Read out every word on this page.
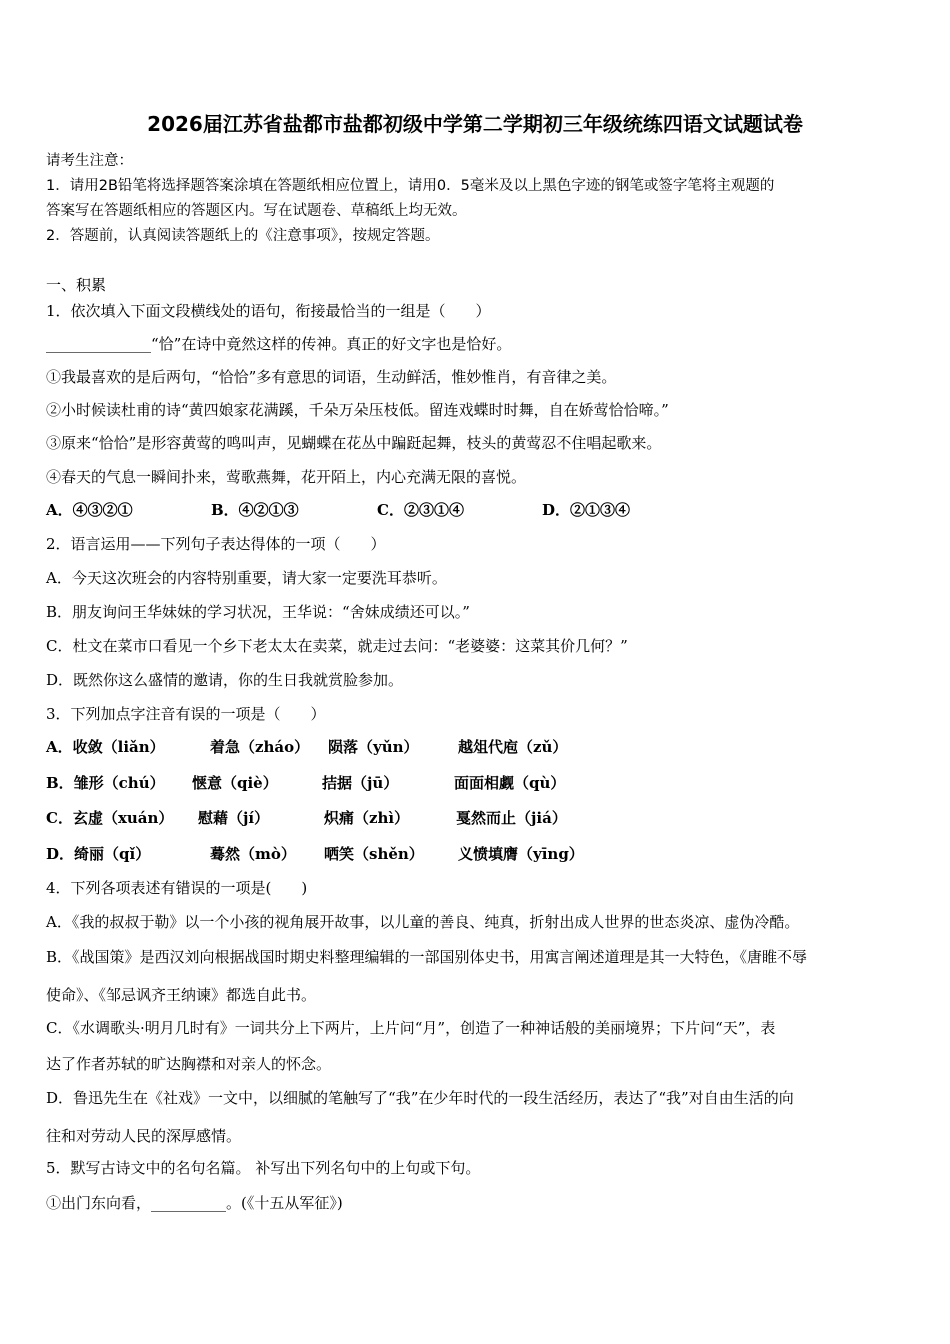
2026届江苏省盐都市盐都初级中学第二学期初三年级统练四语文试题试卷
请考生注意：
1．请用2B铅笔将选择题答案涂填在答题纸相应位置上，请用0．5毫米及以上黑色字迹的钢笔或签字笔将主观题的
答案写在答题纸相应的答题区内。写在试题卷、草稿纸上均无效。
2．答题前，认真阅读答题纸上的《注意事项》，按规定答题。
一、积累
1．依次填入下面文段横线处的语句，衔接最恰当的一组是（　　）
______________“恰”在诗中竟然这样的传神。真正的好文字也是恰好。
①我最喜欢的是后两句，“恰恰”多有意思的词语，生动鲜活，惟妙惟肖，有音律之美。
②小时候读杜甫的诗“黄四娘家花满蹊，千朵万朵压枝低。留连戏蝶时时舞，自在娇莺恰恰啼。”
③原来“恰恰”是形容黄莺的鸣叫声，见蝴蝶在花丛中蹁跹起舞，枝头的黄莺忍不住唱起歌来。
④春天的气息一瞬间扑来，莺歌燕舞，花开陌上，内心充满无限的喜悦。
A．④③②①	B．④②①③	C．②③①④	D．②①③④
2．语言运用——下列句子表达得体的一项（　　）
A．今天这次班会的内容特别重要，请大家一定要洗耳恭听。
B．朋友询问王华妹妹的学习状况，王华说：“舍妹成绩还可以。”
C．杜文在菜市口看见一个乡下老太太在卖菜，就走过去问：“老婆婆：这菜其价几何？”
D．既然你这么盛情的邀请，你的生日我就赏脸参加。
3．下列加点字注音有误的一项是（　　）
A．收敛（liǎn）	着急（zháo） 陨落（yǔn）	越俎代庖（zǔ）
B．雏形（chú） 惬意（qiè）	拮据（jū）	面面相觑（qù）
C．玄虚（xuán） 慰藉（jí）	炽痛（zhì）	戛然而止（jiá）
D．绮丽（qǐ）	蓦然（mò） 哂笑（shěn） 义愤填膺（yīng）
4．下列各项表述有错误的一项是(　　)
A．《我的叔叔于勒》以一个小孩的视角展开故事，以儿童的善良、纯真，折射出成人世界的世态炎凉、虚伪冷酷。
B．《战国策》是西汉刘向根据战国时期史料整理编辑的一部国别体史书，用寓言阐述道理是其一大特色，《唐睢不辱
使命》、《邹忌讽齐王纳谏》都选自此书。
C．《水调歌头·明月几时有》一词共分上下两片，上片问“月”，创造了一种神话般的美丽境界；下片问“天”，表
达了作者苏轼的旷达胸襟和对亲人的怀念。
D．鲁迅先生在《社戏》一文中，以细腻的笔触写了“我”在少年时代的一段生活经历，表达了“我”对自由生活的向
往和对劳动人民的深厚感情。
5．默写古诗文中的名句名篇。 补写出下列名句中的上句或下句。
①出门东向看，__________。(《十五从军征》)
